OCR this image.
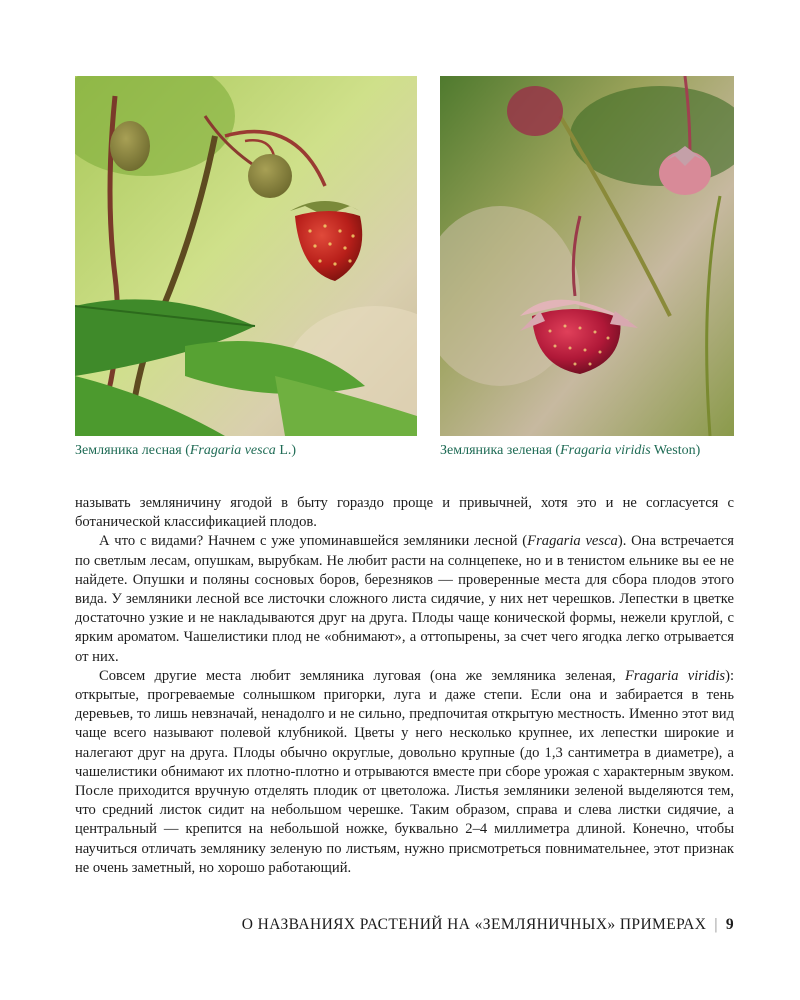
Земляника лесная (Fragaria vesca L.)	Земляника зеленая (Fragaria viridis Weston)

называть земляничину ягодой в быту гораздо проще и привычней, хотя это и не согласуется с ботанической классификацией плодов.

А что с видами? Начнем с уже упоминавшейся земляники лесной (Fragaria vesca). Она встречается по светлым лесам, опушкам, вырубкам. Не любит расти на солнцепеке, но и в тенистом ельнике вы ее не найдете. Опушки и поляны сосновых боров, березняков — проверенные места для сбора плодов этого вида. У земляники лесной все листочки сложного листа сидячие, у них нет черешков. Лепестки в цветке достаточно узкие и не накладываются друг на друга. Плоды чаще конической формы, нежели круглой, с ярким ароматом. Чашелистики плод не «обнимают», а оттопырены, за счет чего ягодка легко отрывается от них.

Совсем другие места любит земляника луговая (она же земляника зеленая, Fragaria viridis): открытые, прогреваемые солнышком пригорки, луга и даже степи. Если она и забирается в тень деревьев, то лишь невзначай, ненадолго и не сильно, предпочитая открытую местность. Именно этот вид чаще всего называют полевой клубникой. Цветы у него несколько крупнее, их лепестки широкие и налегают друг на друга. Плоды обычно округлые, довольно крупные (до 1,3 сантиметра в диаметре), а чашелистики обнимают их плотно-плотно и отрываются вместе при сборе урожая с характерным звуком. После приходится вручную отделять плодик от цветоложа. Листья земляники зеленой выделяются тем, что средний листок сидит на небольшом черешке. Таким образом, справа и слева листки сидячие, а центральный — крепится на небольшой ножке, буквально 2–4 миллиметра длиной. Конечно, чтобы научиться отличать землянику зеленую по листьям, нужно присмотреться повнимательнее, этот признак не очень заметный, но хорошо работающий.

О НАЗВАНИЯХ РАСТЕНИЙ НА «ЗЕМЛЯНИЧНЫХ» ПРИМЕРАХ | 9
